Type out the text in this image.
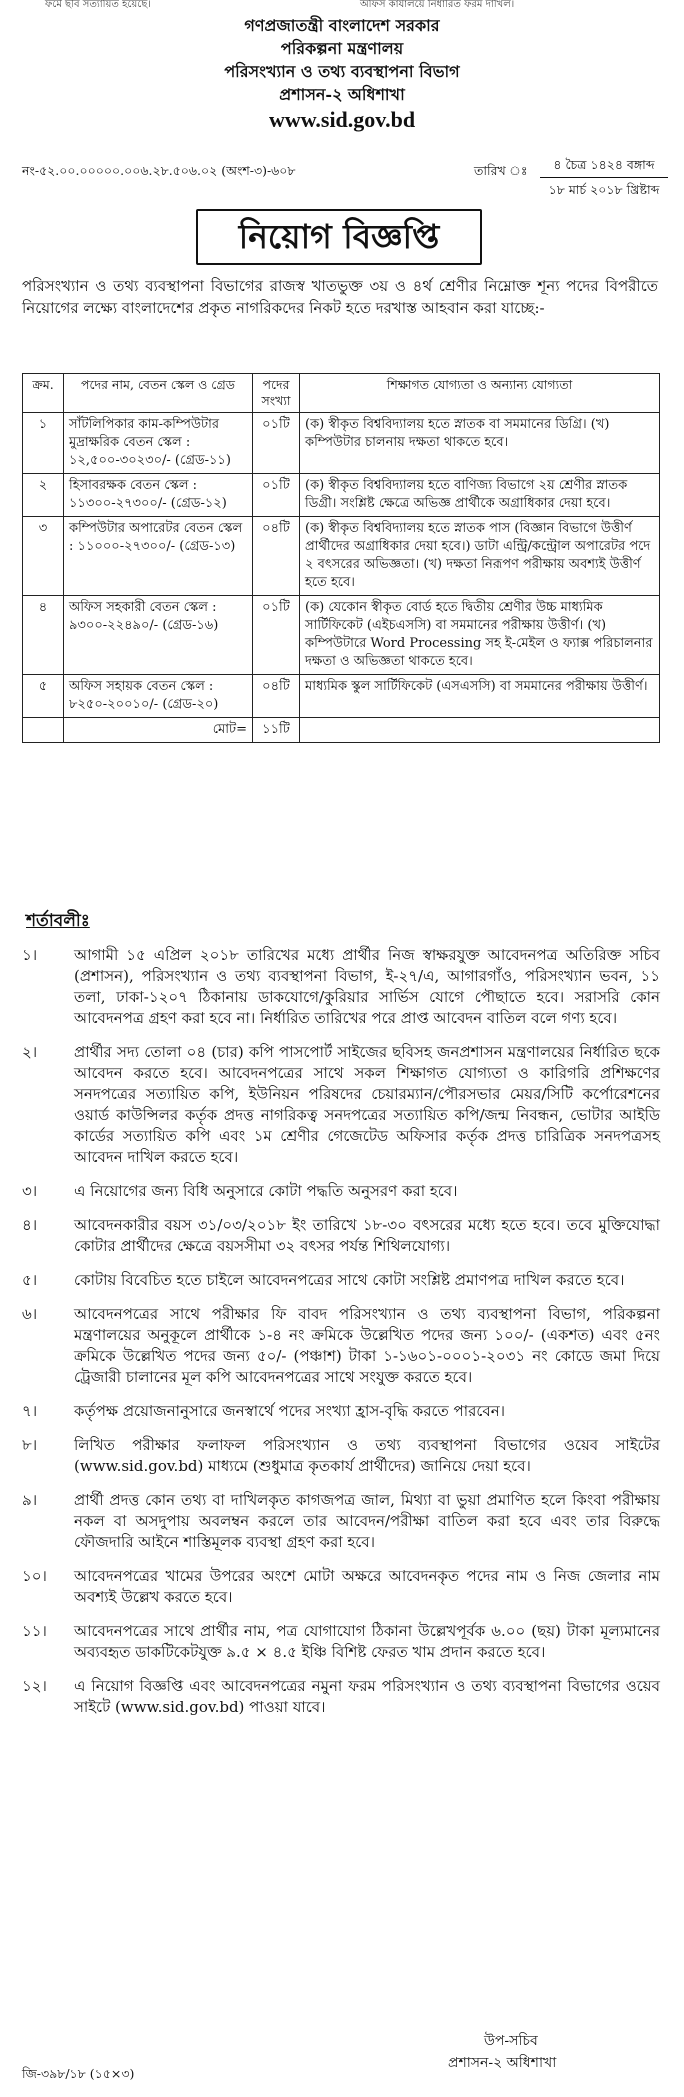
ফর্মে ছবি সত্যায়িত হয়েছে।	অফিস কার্যালয়ে নির্ধারিত ফরম দাখিল।
গণপ্রজাতন্ত্রী বাংলাদেশ সরকার
পরিকল্পনা মন্ত্রণালয়
পরিসংখ্যান ও তথ্য ব্যবস্থাপনা বিভাগ
প্রশাসন-২ অধিশাখা
www.sid.gov.bd
নং-৫২.০০.০০০০০.০০৬.২৮.৫০৬.০২ (অংশ-৩)-৬০৮	তারিখ ঃ	৪ চৈত্র ১৪২৪ বঙ্গাব্দ
১৮ মার্চ ২০১৮ খ্রিষ্টাব্দ
নিয়োগ বিজ্ঞপ্তি
পরিসংখ্যান ও তথ্য ব্যবস্থাপনা বিভাগের রাজস্ব খাতভুক্ত ৩য় ও ৪র্থ শ্রেণীর নিম্নোক্ত শূন্য পদের বিপরীতে নিয়োগের লক্ষ্যে বাংলাদেশের প্রকৃত নাগরিকদের নিকট হতে দরখাস্ত আহবান করা যাচ্ছে:-
ক্রম.	পদের নাম, বেতন স্কেল ও গ্রেড	পদের সংখ্যা	শিক্ষাগত যোগ্যতা ও অন্যান্য যোগ্যতা
১	সাঁটলিপিকার কাম-কম্পিউটার মুদ্রাক্ষরিক বেতন স্কেল : ১২,৫০০-৩০২৩০/- (গ্রেড-১১)	০১টি	(ক) স্বীকৃত বিশ্ববিদ্যালয় হতে স্নাতক বা সমমানের ডিগ্রি। (খ) কম্পিউটার চালনায় দক্ষতা থাকতে হবে।
২	হিসাবরক্ষক বেতন স্কেল : ১১৩০০-২৭৩০০/- (গ্রেড-১২)	০১টি	(ক) স্বীকৃত বিশ্ববিদ্যালয় হতে বাণিজ্য বিভাগে ২য় শ্রেণীর স্নাতক ডিগ্রী। সংশ্লিষ্ট ক্ষেত্রে অভিজ্ঞ প্রার্থীকে অগ্রাধিকার দেয়া হবে।
৩	কম্পিউটার অপারেটর বেতন স্কেল : ১১০০০-২৭৩০০/- (গ্রেড-১৩)	০৪টি	(ক) স্বীকৃত বিশ্ববিদ্যালয় হতে স্নাতক পাস (বিজ্ঞান বিভাগে উত্তীর্ণ প্রার্থীদের অগ্রাধিকার দেয়া হবে।) ডাটা এন্ট্রি/কন্ট্রোল অপারেটর পদে ২ বৎসরের অভিজ্ঞতা। (খ) দক্ষতা নিরূপণ পরীক্ষায় অবশ্যই উত্তীর্ণ হতে হবে।
৪	অফিস সহকারী বেতন স্কেল : ৯৩০০-২২৪৯০/- (গ্রেড-১৬)	০১টি	(ক) যেকোন স্বীকৃত বোর্ড হতে দ্বিতীয় শ্রেণীর উচ্চ মাধ্যমিক সার্টিফিকেট (এইচএসসি) বা সমমানের পরীক্ষায় উত্তীর্ণ। (খ) কম্পিউটারে Word Processing সহ ই-মেইল ও ফ্যাক্স পরিচালনার দক্ষতা ও অভিজ্ঞতা থাকতে হবে।
৫	অফিস সহায়ক বেতন স্কেল : ৮২৫০-২০০১০/- (গ্রেড-২০)	০৪টি	মাধ্যমিক স্কুল সার্টিফিকেট (এসএসসি) বা সমমানের পরীক্ষায় উত্তীর্ণ।
	মোট=	১১টি	
শর্তাবলীঃ
১।	আগামী ১৫ এপ্রিল ২০১৮ তারিখের মধ্যে প্রার্থীর নিজ স্বাক্ষরযুক্ত আবেদনপত্র অতিরিক্ত সচিব (প্রশাসন), পরিসংখ্যান ও তথ্য ব্যবস্থাপনা বিভাগ, ই-২৭/এ, আগারগাঁও, পরিসংখ্যান ভবন, ১১ তলা, ঢাকা-১২০৭ ঠিকানায় ডাকযোগে/কুরিয়ার সার্ভিস যোগে পৌছাতে হবে। সরাসরি কোন আবেদনপত্র গ্রহণ করা হবে না। নির্ধারিত তারিখের পরে প্রাপ্ত আবেদন বাতিল বলে গণ্য হবে।
২।	প্রার্থীর সদ্য তোলা ০৪ (চার) কপি পাসপোর্ট সাইজের ছবিসহ জনপ্রশাসন মন্ত্রণালয়ের নির্ধারিত ছকে আবেদন করতে হবে। আবেদনপত্রের সাথে সকল শিক্ষাগত যোগ্যতা ও কারিগরি প্রশিক্ষণের সনদপত্রের সত্যায়িত কপি, ইউনিয়ন পরিষদের চেয়ারম্যান/পৌরসভার মেয়র/সিটি কর্পোরেশনের ওয়ার্ড কাউন্সিলর কর্তৃক প্রদত্ত নাগরিকত্ব সনদপত্রের সত্যায়িত কপি/জন্ম নিবন্ধন, ভোটার আইডি কার্ডের সত্যায়িত কপি এবং ১ম শ্রেণীর গেজেটেড অফিসার কর্তৃক প্রদত্ত চারিত্রিক সনদপত্রসহ আবেদন দাখিল করতে হবে।
৩।	এ নিয়োগের জন্য বিধি অনুসারে কোটা পদ্ধতি অনুসরণ করা হবে।
৪।	আবেদনকারীর বয়স ৩১/০৩/২০১৮ ইং তারিখে ১৮-৩০ বৎসরের মধ্যে হতে হবে। তবে মুক্তিযোদ্ধা কোটার প্রার্থীদের ক্ষেত্রে বয়সসীমা ৩২ বৎসর পর্যন্ত শিথিলযোগ্য।
৫।	কোটায় বিবেচিত হতে চাইলে আবেদনপত্রের সাথে কোটা সংশ্লিষ্ট প্রমাণপত্র দাখিল করতে হবে।
৬।	আবেদনপত্রের সাথে পরীক্ষার ফি বাবদ পরিসংখ্যান ও তথ্য ব্যবস্থাপনা বিভাগ, পরিকল্পনা মন্ত্রণালয়ের অনুকূলে প্রার্থীকে ১-৪ নং ক্রমিকে উল্লেখিত পদের জন্য ১০০/- (একশত) এবং ৫নং ক্রমিকে উল্লেখিত পদের জন্য ৫০/- (পঞ্চাশ) টাকা ১-১৬০১-০০০১-২০৩১ নং কোডে জমা দিয়ে ট্রেজারী চালানের মূল কপি আবেদনপত্রের সাথে সংযুক্ত করতে হবে।
৭।	কর্তৃপক্ষ প্রয়োজনানুসারে জনস্বার্থে পদের সংখ্যা হ্রাস-বৃদ্ধি করতে পারবেন।
৮।	লিখিত পরীক্ষার ফলাফল পরিসংখ্যান ও তথ্য ব্যবস্থাপনা বিভাগের ওয়েব সাইটের (www.sid.gov.bd) মাধ্যমে (শুধুমাত্র কৃতকার্য প্রার্থীদের) জানিয়ে দেয়া হবে।
৯।	প্রার্থী প্রদত্ত কোন তথ্য বা দাখিলকৃত কাগজপত্র জাল, মিথ্যা বা ভুয়া প্রমাণিত হলে কিংবা পরীক্ষায় নকল বা অসদুপায় অবলম্বন করলে তার আবেদন/পরীক্ষা বাতিল করা হবে এবং তার বিরুদ্ধে ফৌজদারি আইনে শাস্তিমূলক ব্যবস্থা গ্রহণ করা হবে।
১০।	আবেদনপত্রের খামের উপরের অংশে মোটা অক্ষরে আবেদনকৃত পদের নাম ও নিজ জেলার নাম অবশ্যই উল্লেখ করতে হবে।
১১।	আবেদনপত্রের সাথে প্রার্থীর নাম, পত্র যোগাযোগ ঠিকানা উল্লেখপূর্বক ৬.০০ (ছয়) টাকা মূল্যমানের অব্যবহৃত ডাকটিকেটযুক্ত ৯.৫ × ৪.৫ ইঞ্চি বিশিষ্ট ফেরত খাম প্রদান করতে হবে।
১২।	এ নিয়োগ বিজ্ঞপ্তি এবং আবেদনপত্রের নমুনা ফরম পরিসংখ্যান ও তথ্য ব্যবস্থাপনা বিভাগের ওয়েব সাইটে (www.sid.gov.bd) পাওয়া যাবে।
উপ-সচিব
প্রশাসন-২ অধিশাখা
জি-৩৯৮/১৮ (১৫×৩)
